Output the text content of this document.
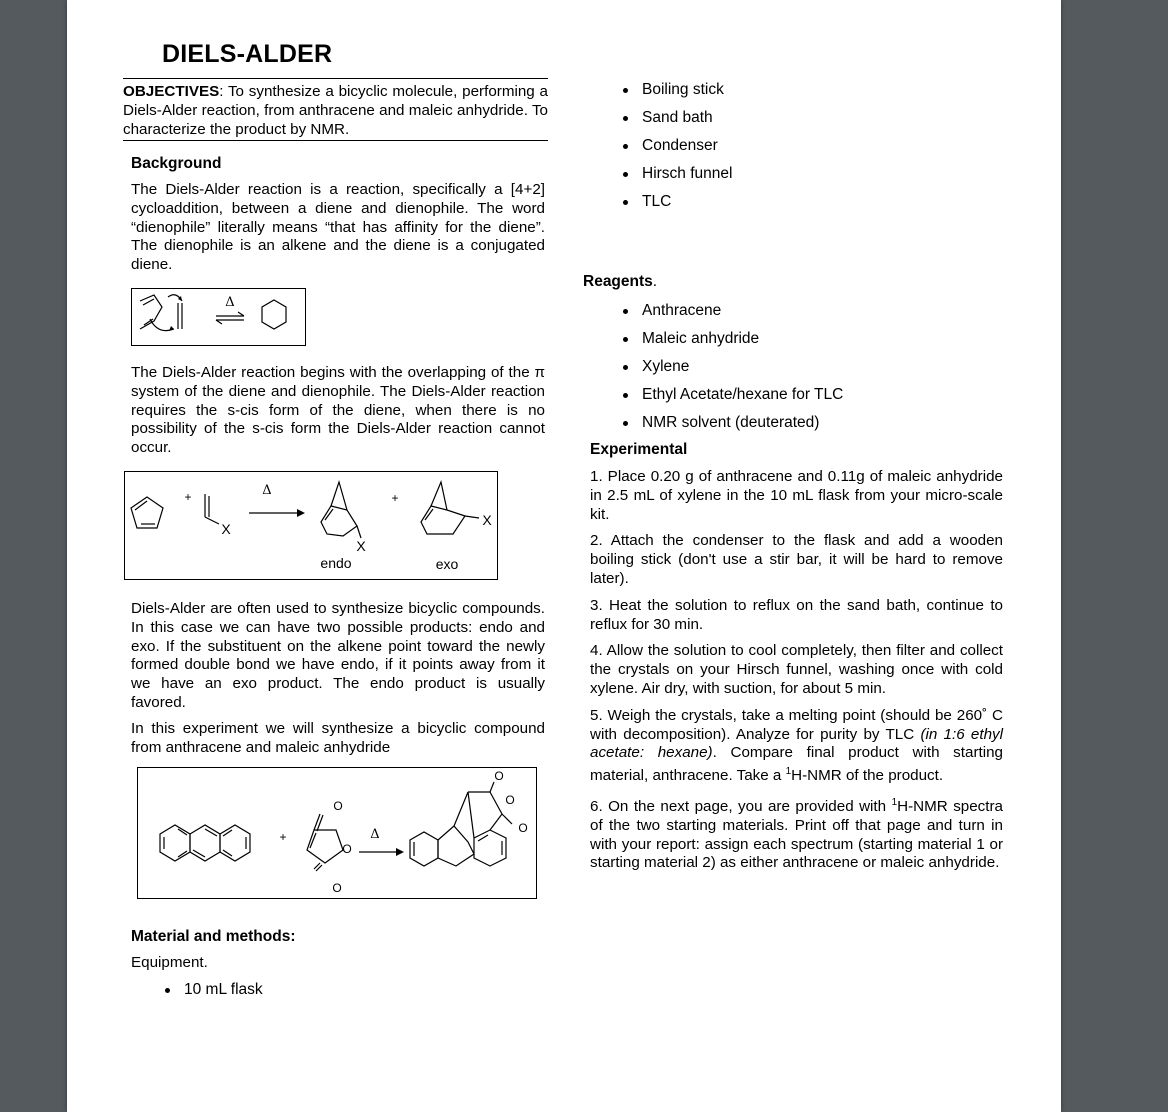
DIELS-ALDER
OBJECTIVES: To synthesize a bicyclic molecule, performing a Diels-Alder reaction, from anthracene and maleic anhydride. To characterize the product by NMR.

Background

The Diels-Alder reaction is a reaction, specifically a [4+2] cycloaddition, between a diene and dienophile. The word “dienophile” literally means “that has affinity for the diene”. The dienophile is an alkene and the diene is a conjugated diene.

Δ

The Diels-Alder reaction begins with the overlapping of the π system of the diene and dienophile. The Diels-Alder reaction requires the s-cis form of the diene, when there is no possibility of the s-cis form the Diels-Alder reaction cannot occur.

+
X
Δ	+
X
X
endo	exo

Diels-Alder are often used to synthesize bicyclic compounds. In this case we can have two possible products: endo and exo. If the substituent on the alkene point toward the newly formed double bond we have endo, if it points away from it we have an exo product. The endo product is usually favored.

In this experiment we will synthesize a bicyclic compound from anthracene and maleic anhydride

+
O
O
O
Δ
O
O
O

Material and methods:

Equipment.

10 mL flask
Boiling stick
Sand bath
Condenser
Hirsch funnel
TLC

Reagents.

Anthracene
Maleic anhydride
Xylene
Ethyl Acetate/hexane for TLC
NMR solvent (deuterated)

Experimental

1. Place 0.20 g of anthracene and 0.11g of maleic anhydride in 2.5 mL of xylene in the 10 mL flask from your micro-scale kit.

2. Attach the condenser to the flask and add a wooden boiling stick (don't use a stir bar, it will be hard to remove later).

3. Heat the solution to reflux on the sand bath, continue to reflux for 30 min.

4. Allow the solution to cool completely, then filter and collect the crystals on your Hirsch funnel, washing once with cold xylene. Air dry, with suction, for about 5 min.

5. Weigh the crystals, take a melting point (should be 260˚ C with decomposition). Analyze for purity by TLC (in 1:6 ethyl acetate: hexane). Compare final product with starting material, anthracene. Take a $^1$H-NMR of the product.

6. On the next page, you are provided with $^1$H-NMR spectra of the two starting materials. Print off that page and turn in with your report: assign each spectrum (starting material 1 or starting material 2) as either anthracene or maleic anhydride.
